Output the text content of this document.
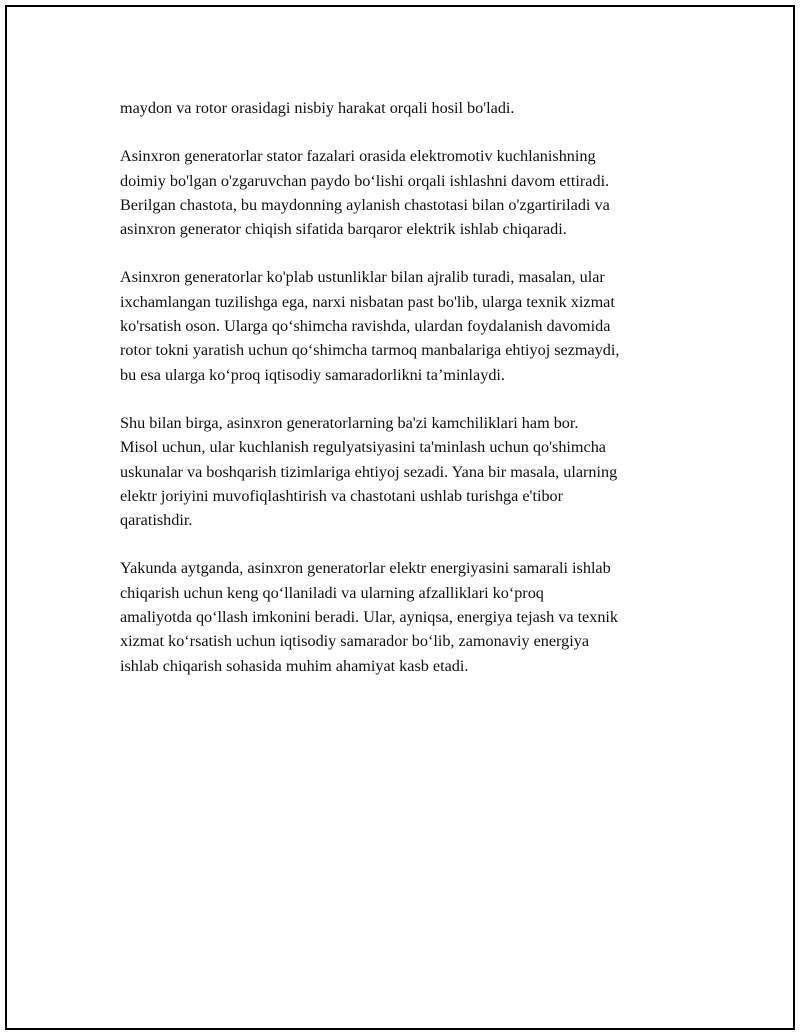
maydon va rotor orasidagi nisbiy harakat orqali hosil bo'ladi.

Asinxron generatorlar stator fazalari orasida elektromotiv kuchlanishning
doimiy bo'lgan o'zgaruvchan paydo bo‘lishi orqali ishlashni davom ettiradi.
Berilgan chastota, bu maydonning aylanish chastotasi bilan o'zgartiriladi va
asinxron generator chiqish sifatida barqaror elektrik ishlab chiqaradi.

Asinxron generatorlar ko'plab ustunliklar bilan ajralib turadi, masalan, ular
ixchamlangan tuzilishga ega, narxi nisbatan past bo'lib, ularga texnik xizmat
ko'rsatish oson. Ularga qo‘shimcha ravishda, ulardan foydalanish davomida
rotor tokni yaratish uchun qo‘shimcha tarmoq manbalariga ehtiyoj sezmaydi,
bu esa ularga ko‘proq iqtisodiy samaradorlikni ta’minlaydi.

Shu bilan birga, asinxron generatorlarning ba'zi kamchiliklari ham bor.
Misol uchun, ular kuchlanish regulyatsiyasini ta'minlash uchun qo'shimcha
uskunalar va boshqarish tizimlariga ehtiyoj sezadi. Yana bir masala, ularning
elektr joriyini muvofiqlashtirish va chastotani ushlab turishga e'tibor
qaratishdir.

Yakunda aytganda, asinxron generatorlar elektr energiyasini samarali ishlab
chiqarish uchun keng qo‘llaniladi va ularning afzalliklari ko‘proq
amaliyotda qo‘llash imkonini beradi. Ular, ayniqsa, energiya tejash va texnik
xizmat ko‘rsatish uchun iqtisodiy samarador bo‘lib, zamonaviy energiya
ishlab chiqarish sohasida muhim ahamiyat kasb etadi.
